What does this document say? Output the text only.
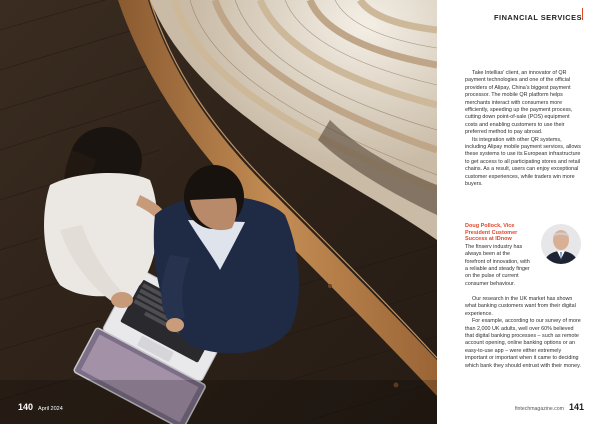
140 April 2024
FINANCIAL SERVICES

Take Intellias’ client, an innovator of QR payment technologies and one of the official providers of Alipay, China’s biggest payment processor. The mobile QR platform helps merchants interact with consumers more efficiently, speeding up the payment process, cutting down point-of-sale (POS) equipment costs and enabling customers to use their preferred method to pay abroad.

Its integration with other QR systems, including Alipay mobile payment services, allows these systems to use its European infrastructure to get access to all participating stores and retail chains. As a result, users can enjoy exceptional customer experiences, while traders win more buyers.

Doug Pollock, Vice President Customer Success at IDnow
The finserv industry has always been at the forefront of innovation, with a reliable and steady finger on the pulse of current consumer behaviour.

Our research in the UK market has shown what banking customers want from their digital experience.

For example, according to our survey of more than 2,000 UK adults, well over 60% believed that digital banking processes – such as remote account opening, online banking options or an easy-to-use app – were either extremely important or important when it came to deciding which bank they should entrust with their money.

fintechmagazine.com 141
